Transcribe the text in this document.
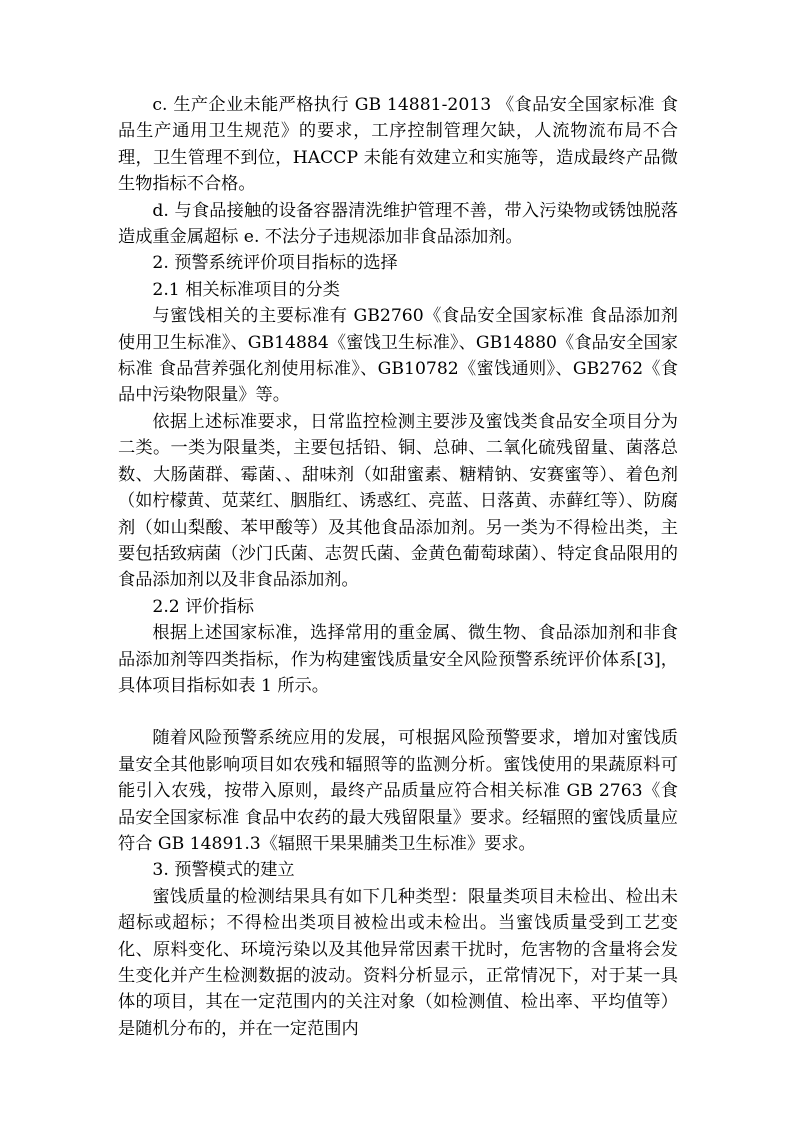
c. 生产企业未能严格执行 GB 14881-2013 《食品安全国家标准 食品生产通用卫生规范》的要求，工序控制管理欠缺，人流物流布局不合理，卫生管理不到位，HACCP 未能有效建立和实施等，造成最终产品微生物指标不合格。

d. 与食品接触的设备容器清洗维护管理不善，带入污染物或锈蚀脱落造成重金属超标 e. 不法分子违规添加非食品添加剂。

2. 预警系统评价项目指标的选择

2.1 相关标准项目的分类

与蜜饯相关的主要标准有 GB2760《食品安全国家标准 食品添加剂使用卫生标准》、GB14884《蜜饯卫生标准》、GB14880《食品安全国家标准 食品营养强化剂使用标准》、GB10782《蜜饯通则》、GB2762《食品中污染物限量》等。

依据上述标准要求，日常监控检测主要涉及蜜饯类食品安全项目分为二类。一类为限量类，主要包括铅、铜、总砷、二氧化硫残留量、菌落总数、大肠菌群、霉菌、、甜味剂（如甜蜜素、糖精钠、安赛蜜等）、着色剂（如柠檬黄、苋菜红、胭脂红、诱惑红、亮蓝、日落黄、赤藓红等）、防腐剂（如山梨酸、苯甲酸等）及其他食品添加剂。另一类为不得检出类，主要包括致病菌（沙门氏菌、志贺氏菌、金黄色葡萄球菌）、特定食品限用的食品添加剂以及非食品添加剂。

2.2 评价指标

根据上述国家标准，选择常用的重金属、微生物、食品添加剂和非食品添加剂等四类指标，作为构建蜜饯质量安全风险预警系统评价体系[3]，具体项目指标如表 1 所示。

随着风险预警系统应用的发展，可根据风险预警要求，增加对蜜饯质量安全其他影响项目如农残和辐照等的监测分析。蜜饯使用的果蔬原料可能引入农残，按带入原则，最终产品质量应符合相关标准 GB 2763《食品安全国家标准 食品中农药的最大残留限量》要求。经辐照的蜜饯质量应符合 GB 14891.3《辐照干果果脯类卫生标准》要求。

3. 预警模式的建立

蜜饯质量的检测结果具有如下几种类型：限量类项目未检出、检出未超标或超标；不得检出类项目被检出或未检出。当蜜饯质量受到工艺变化、原料变化、环境污染以及其他异常因素干扰时，危害物的含量将会发生变化并产生检测数据的波动。资料分析显示，正常情况下，对于某一具体的项目，其在一定范围内的关注对象（如检测值、检出率、平均值等）是随机分布的，并在一定范围内
